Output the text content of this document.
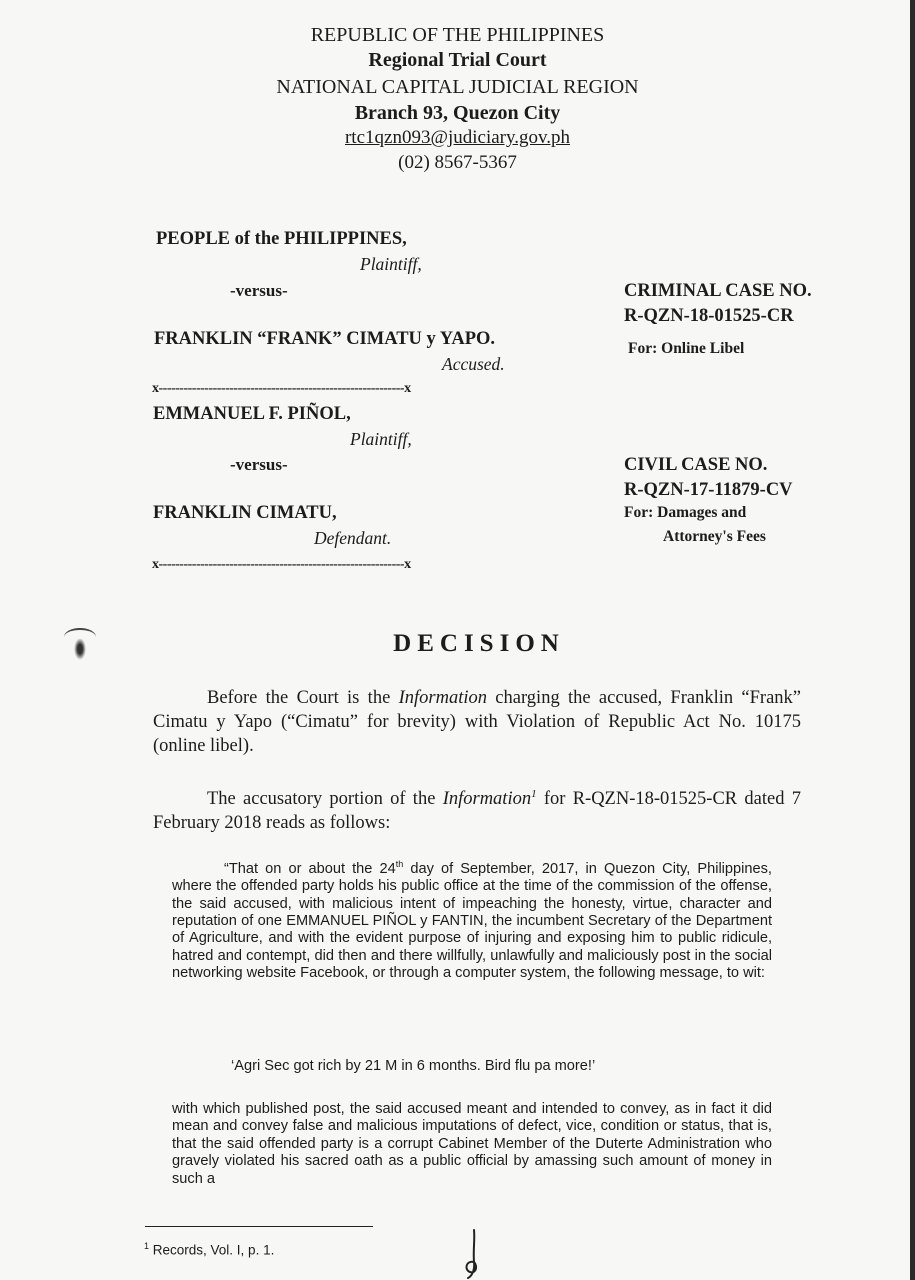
REPUBLIC OF THE PHILIPPINES
Regional Trial Court
NATIONAL CAPITAL JUDICIAL REGION
Branch 93, Quezon City
rtc1qzn093@judiciary.gov.ph
(02) 8567-5367
PEOPLE of the PHILIPPINES,
Plaintiff,
-versus-
FRANKLIN “FRANK” CIMATU y YAPO.
Accused.
CRIMINAL CASE NO.
R-QZN-18-01525-CR
For: Online Libel
x-----------------------------------------------------------x
EMMANUEL F. PIÑOL,
Plaintiff,
-versus-
FRANKLIN CIMATU,
Defendant.
CIVIL CASE NO.
R-QZN-17-11879-CV
For: Damages and
Attorney's Fees
x-----------------------------------------------------------x
DECISION
Before the Court is the Information charging the accused, Franklin “Frank” Cimatu y Yapo (“Cimatu” for brevity) with Violation of Republic Act No. 10175 (online libel).
The accusatory portion of the Information$^1$ for R-QZN-18-01525-CR dated 7 February 2018 reads as follows:
“That on or about the 24th day of September, 2017, in Quezon City, Philippines, where the offended party holds his public office at the time of the commission of the offense, the said accused, with malicious intent of impeaching the honesty, virtue, character and reputation of one EMMANUEL PIÑOL y FANTIN, the incumbent Secretary of the Department of Agriculture, and with the evident purpose of injuring and exposing him to public ridicule, hatred and contempt, did then and there willfully, unlawfully and maliciously post in the social networking website Facebook, or through a computer system, the following message, to wit:
‘Agri Sec got rich by 21 M in 6 months. Bird flu pa more!’
with which published post, the said accused meant and intended to convey, as in fact it did mean and convey false and malicious imputations of defect, vice, condition or status, that is, that the said offended party is a corrupt Cabinet Member of the Duterte Administration who gravely violated his sacred oath as a public official by amassing such amount of money in such a
$^1$ Records, Vol. I, p. 1.
